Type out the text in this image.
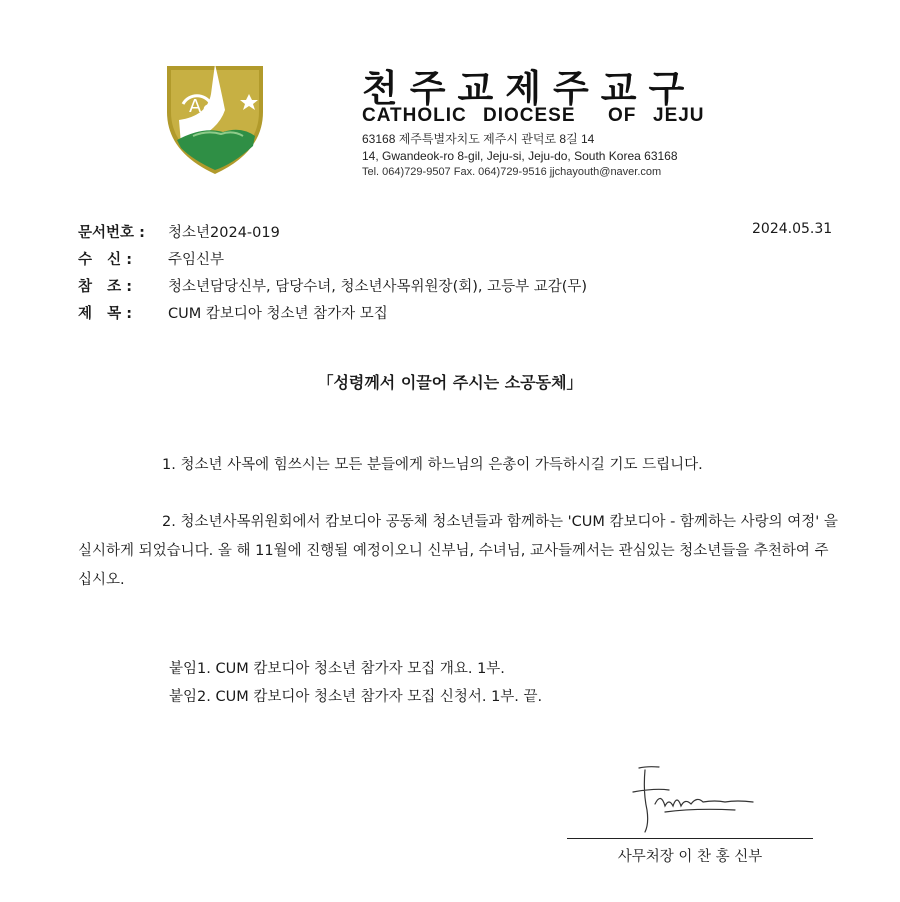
A Ω
천주교제주교구
CATHOLIC DIOCESE OF JEJU
63168 제주특별자치도 제주시 관덕로 8길 14
14, Gwandeok-ro 8-gil, Jeju-si, Jeju-do, South Korea 63168
Tel. 064)729-9507 Fax. 064)729-9516 jjchayouth@naver.com
문서번호 : 청소년2024-019	2024.05.31
수   신 : 주임신부
참   조 : 청소년담당신부, 담당수녀, 청소년사목위원장(회), 고등부 교감(무)
제   목 : CUM 캄보디아 청소년 참가자 모집
「성령께서 이끌어 주시는 소공동체」
1. 청소년 사목에 힘쓰시는 모든 분들에게 하느님의 은총이 가득하시길 기도 드립니다.
2. 청소년사목위원회에서 캄보디아 공동체 청소년들과 함께하는 'CUM 캄보디아 - 함께하는 사랑의 여정' 을 실시하게 되었습니다. 올 해 11월에 진행될 예정이오니 신부님, 수녀님, 교사들께서는 관심있는 청소년들을 추천하여 주십시오.
붙임1. CUM 캄보디아 청소년 참가자 모집 개요. 1부.
붙임2. CUM 캄보디아 청소년 참가자 모집 신청서. 1부. 끝.
사무처장 이 찬 홍 신부
